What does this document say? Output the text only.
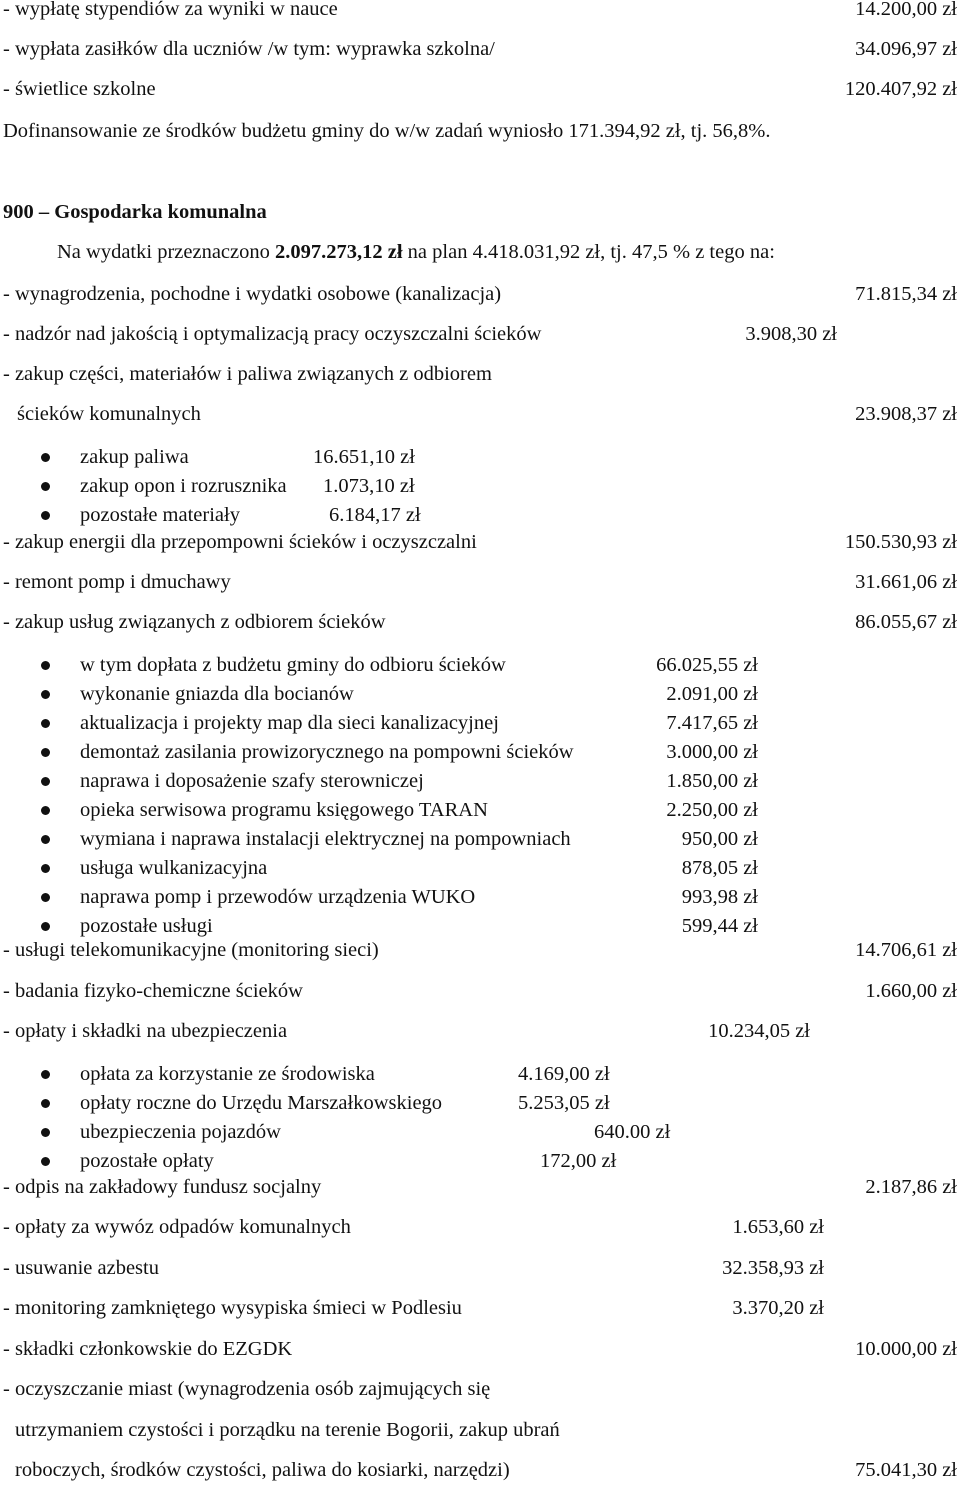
- wypłatę stypendiów za wyniki w nauce	14.200,00 zł
- wypłata zasiłków dla uczniów /w tym: wyprawka szkolna/	34.096,97 zł
- świetlice szkolne	120.407,92 zł
Dofinansowanie ze środków budżetu gminy do w/w zadań wyniosło 171.394,92 zł, tj. 56,8%.
900 – Gospodarka komunalna
Na wydatki przeznaczono 2.097.273,12 zł na plan 4.418.031,92 zł, tj. 47,5 % z tego na:
- wynagrodzenia, pochodne i wydatki osobowe (kanalizacja)	71.815,34 zł
- nadzór nad jakością i optymalizacją pracy oczyszczalni ścieków	3.908,30 zł
- zakup części, materiałów i paliwa związanych z odbiorem
ścieków komunalnych	23.908,37 zł
zakup paliwa	16.651,10 zł
zakup opon i rozrusznika 1.073,10 zł
pozostałe materiały	6.184,17 zł
- zakup energii dla przepompowni ścieków i oczyszczalni	150.530,93 zł
- remont pomp i dmuchawy	31.661,06 zł
- zakup usług związanych z odbiorem ścieków	86.055,67 zł
w tym dopłata z budżetu gminy do odbioru ścieków	66.025,55 zł
wykonanie gniazda dla bocianów	2.091,00 zł
aktualizacja i projekty map dla sieci kanalizacyjnej	7.417,65 zł
demontaż zasilania prowizorycznego na pompowni ścieków	3.000,00 zł
naprawa i doposażenie szafy sterowniczej	1.850,00 zł
opieka serwisowa programu księgowego TARAN	2.250,00 zł
wymiana i naprawa instalacji elektrycznej na pompowniach	950,00 zł
usługa wulkanizacyjna	878,05 zł
naprawa pomp i przewodów urządzenia WUKO	993,98 zł
pozostałe usługi	599,44 zł
- usługi telekomunikacyjne (monitoring sieci)	14.706,61 zł
- badania fizyko-chemiczne ścieków	1.660,00 zł
- opłaty i składki na ubezpieczenia	10.234,05 zł
opłata za korzystanie ze środowiska	4.169,00 zł
opłaty roczne do Urzędu Marszałkowskiego	5.253,05 zł
ubezpieczenia pojazdów	640.00 zł
pozostałe opłaty	172,00 zł
- odpis na zakładowy fundusz socjalny	2.187,86 zł
- opłaty za wywóz odpadów komunalnych	1.653,60 zł
- usuwanie azbestu	32.358,93 zł
- monitoring zamkniętego wysypiska śmieci w Podlesiu	3.370,20 zł
- składki członkowskie do EZGDK	10.000,00 zł
- oczyszczanie miast (wynagrodzenia osób zajmujących się
utrzymaniem czystości i porządku na terenie Bogorii, zakup ubrań
roboczych, środków czystości, paliwa do kosiarki, narzędzi)	75.041,30 zł
